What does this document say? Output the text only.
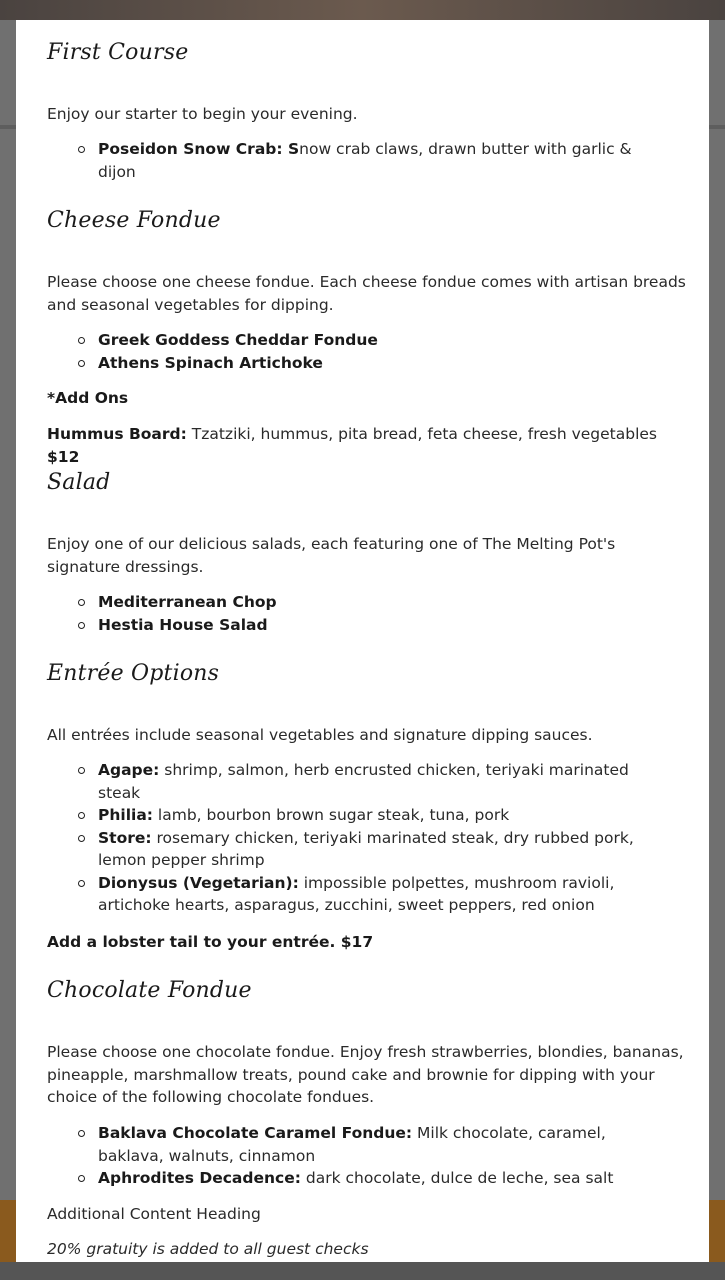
First Course

Enjoy our starter to begin your evening.

Poseidon Snow Crab: Snow crab claws, drawn butter with garlic & dijon
Cheese Fondue

Please choose one cheese fondue. Each cheese fondue comes with artisan breads and seasonal vegetables for dipping.

Greek Goddess Cheddar Fondue
Athens Spinach Artichoke

*Add Ons

Hummus Board: Tzatziki, hummus, pita bread, feta cheese, fresh vegetables $12

Salad

Enjoy one of our delicious salads, each featuring one of The Melting Pot's signature dressings.

Mediterranean Chop
Hestia House Salad
Entrée Options

All entrées include seasonal vegetables and signature dipping sauces.

Agape: shrimp, salmon, herb encrusted chicken, teriyaki marinated steak
Philia: lamb, bourbon brown sugar steak, tuna, pork
Store: rosemary chicken, teriyaki marinated steak, dry rubbed pork, lemon pepper shrimp
Dionysus (Vegetarian): impossible polpettes, mushroom ravioli, artichoke hearts, asparagus, zucchini, sweet peppers, red onion

Add a lobster tail to your entrée. $17

Chocolate Fondue

Please choose one chocolate fondue. Enjoy fresh strawberries, blondies, bananas, pineapple, marshmallow treats, pound cake and brownie for dipping with your choice of the following chocolate fondues.

Baklava Chocolate Caramel Fondue: Milk chocolate, caramel, baklava, walnuts, cinnamon
Aphrodites Decadence: dark chocolate, dulce de leche, sea salt

Additional Content Heading

20% gratuity is added to all guest checks
